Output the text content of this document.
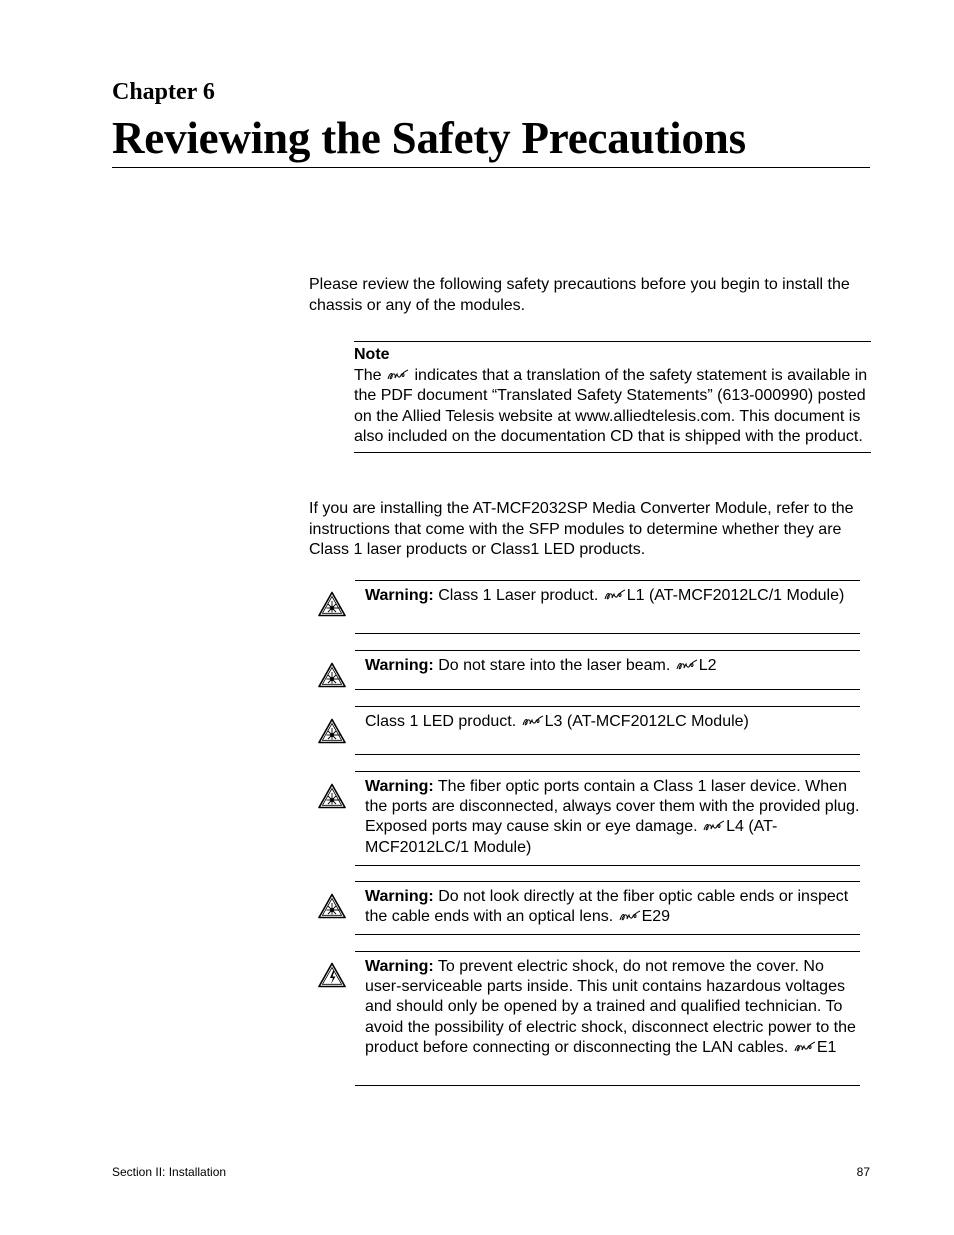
Chapter 6
Reviewing the Safety Precautions
Please review the following safety precautions before you begin to install the chassis or any of the modules.
Note
The indicates that a translation of the safety statement is available in the PDF document “Translated Safety Statements” (613-000990) posted on the Allied Telesis website at www.alliedtelesis.com. This document is also included on the documentation CD that is shipped with the product.
If you are installing the AT-MCF2032SP Media Converter Module, refer to the instructions that come with the SFP modules to determine whether they are Class 1 laser products or Class1 LED products.
Warning: Class 1 Laser product. L1 (AT-MCF2012LC/1 Module)
Warning: Do not stare into the laser beam. L2
Class 1 LED product. L3 (AT-MCF2012LC Module)
Warning: The fiber optic ports contain a Class 1 laser device. When the ports are disconnected, always cover them with the provided plug. Exposed ports may cause skin or eye damage. L4 (AT-MCF2012LC/1 Module)
Warning: Do not look directly at the fiber optic cable ends or inspect the cable ends with an optical lens. E29
Warning: To prevent electric shock, do not remove the cover. No user-serviceable parts inside. This unit contains hazardous voltages and should only be opened by a trained and qualified technician. To avoid the possibility of electric shock, disconnect electric power to the product before connecting or disconnecting the LAN cables. E1
Section II: Installation	87
